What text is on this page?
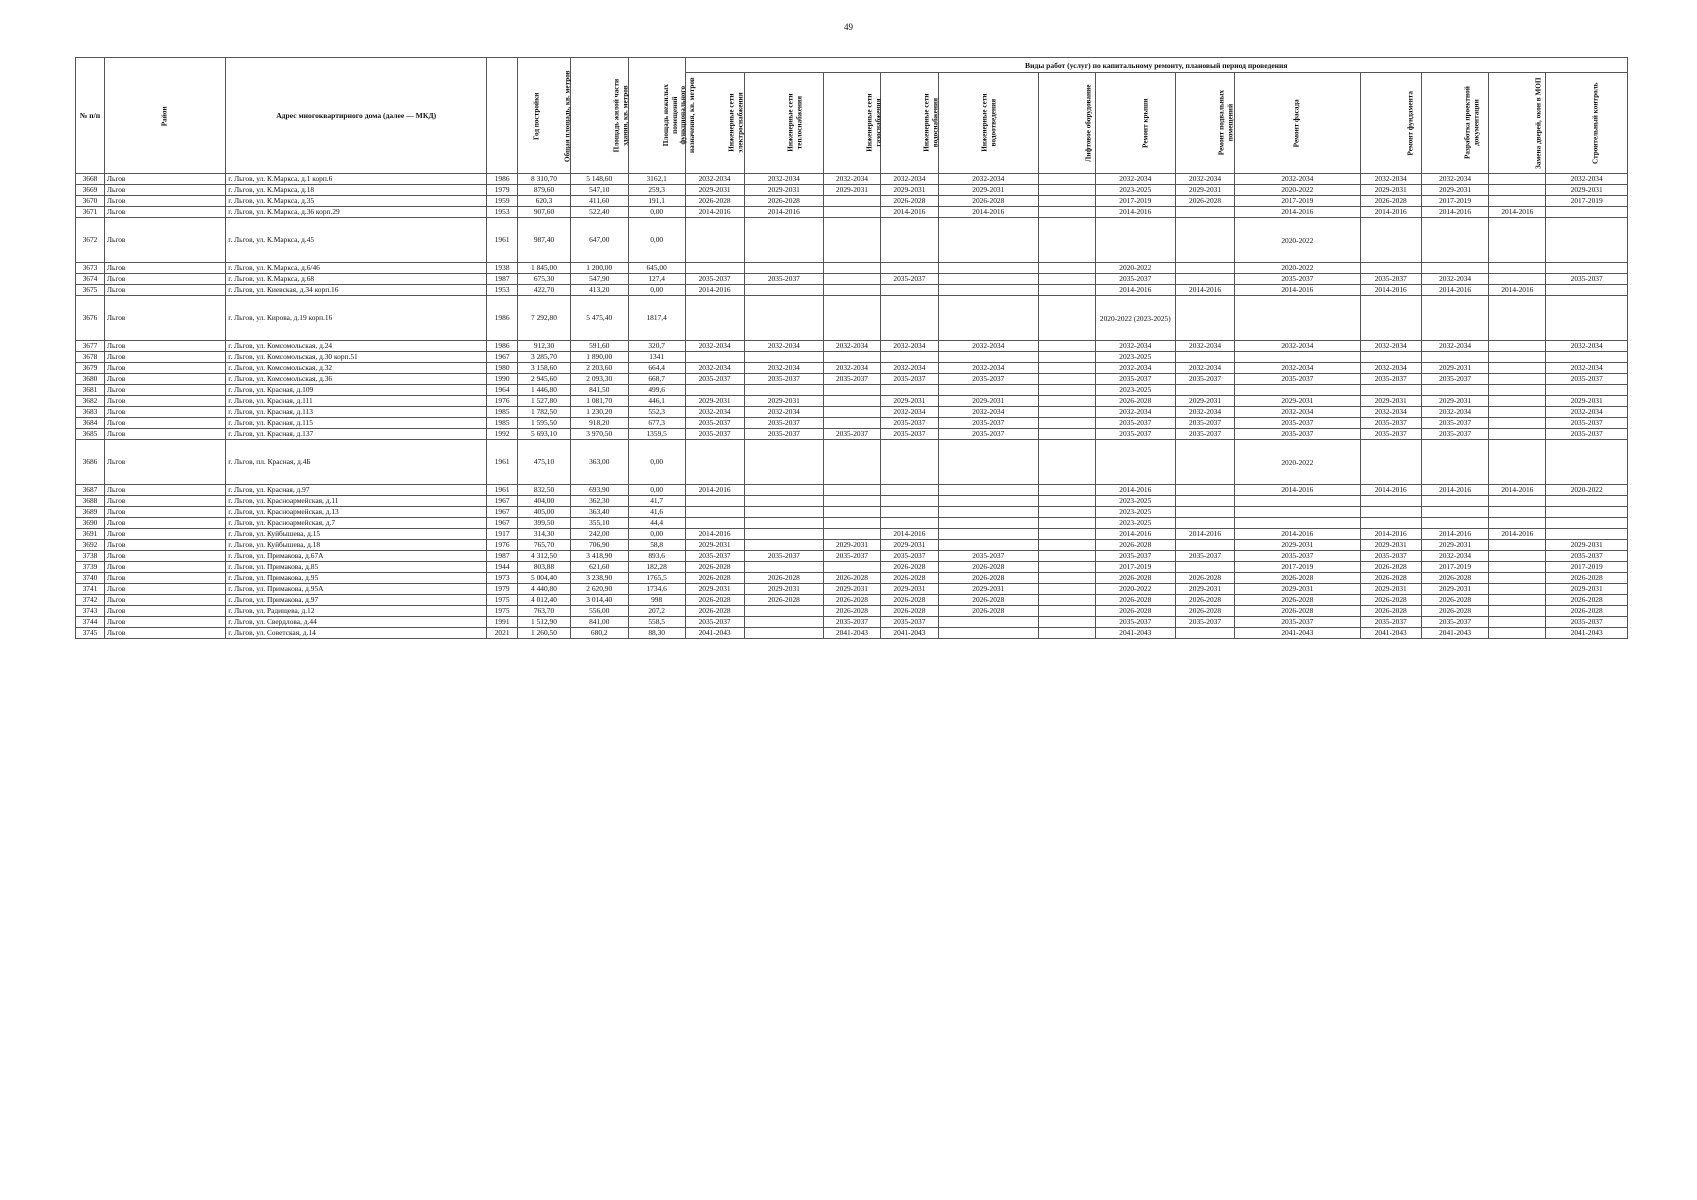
49
№ п/п	Район	Адрес многоквартирного дома (далее — МКД)	Год постройки	Общая площадь, кв. метров	Площадь жилой части здания, кв. метров	Площадь нежилых помещений функционального назначения, кв. метров	Виды работ (услуг) по капитальному ремонту, плановый период проведения												
							Инженерные сети электроснабжения	Инженерные сети теплоснабжения	Инженерные сети газоснабжения	Инженерные сети водоснабжения	Инженерные сети водоотведения	Лифтовое оборудование	Ремонт крыши	Ремонт подвальных помещений	Ремонт фасада	Ремонт фундамента	Разработка проектной документации	Замена дверей, окон в МОП	Строительный контроль
3668	Льгов	г. Льгов, ул. К.Маркса, д.1 корп.6	1986	8 310,70	5 148,60	3162,1	2032-2034	2032-2034	2032-2034	2032-2034	2032-2034		2032-2034	2032-2034	2032-2034	2032-2034	2032-2034		2032-2034
3669	Льгов	г. Льгов, ул. К.Маркса, д.18	1979	879,60	547,10	259,3	2029-2031	2029-2031	2029-2031	2029-2031	2029-2031		2023-2025	2029-2031	2020-2022	2029-2031	2029-2031		2029-2031
3670	Льгов	г. Льгов, ул. К.Маркса, д.35	1959	620,3	411,60	191,1	2026-2028	2026-2028		2026-2028	2026-2028		2017-2019	2026-2028	2017-2019	2026-2028	2017-2019		2017-2019
3671	Льгов	г. Льгов, ул. К.Маркса, д.36 корп.29	1953	907,60	522,40	0,00	2014-2016	2014-2016		2014-2016	2014-2016		2014-2016		2014-2016	2014-2016	2014-2016	2014-2016	
3672	Льгов	г. Льгов, ул. К.Маркса, д.45	1961	987,40	647,00	0,00									2020-2022				
3673	Льгов	г. Льгов, ул. К.Маркса, д.6/46	1938	1 845,00	1 200,00	645,00							2020-2022		2020-2022				
3674	Льгов	г. Льгов, ул. К.Маркса, д.68	1987	675,30	547,90	127,4	2035-2037	2035-2037		2035-2037			2035-2037		2035-2037	2035-2037	2032-2034		2035-2037
3675	Льгов	г. Льгов, ул. Киевская, д.34 корп.16	1953	422,70	413,20	0,00	2014-2016						2014-2016	2014-2016	2014-2016	2014-2016	2014-2016	2014-2016	
3676	Льгов	г. Льгов, ул. Кирова, д.19 корп.16	1986	7 292,80	5 475,40	1817,4							2020-2022 (2023-2025)						
3677	Льгов	г. Льгов, ул. Комсомольская, д.24	1986	912,30	591,60	320,7	2032-2034	2032-2034	2032-2034	2032-2034	2032-2034		2032-2034	2032-2034	2032-2034	2032-2034	2032-2034		2032-2034
3678	Льгов	г. Льгов, ул. Комсомольская, д.30 корп.51	1967	3 285,70	1 890,00	1341							2023-2025						
3679	Льгов	г. Льгов, ул. Комсомольская, д.32	1980	3 158,60	2 203,60	664,4	2032-2034	2032-2034	2032-2034	2032-2034	2032-2034		2032-2034	2032-2034	2032-2034	2032-2034	2029-2031		2032-2034
3680	Льгов	г. Льгов, ул. Комсомольская, д.36	1990	2 945,60	2 093,30	668,7	2035-2037	2035-2037	2035-2037	2035-2037	2035-2037		2035-2037	2035-2037	2035-2037	2035-2037	2035-2037		2035-2037
3681	Льгов	г. Льгов, ул. Красная, д.109	1964	1 446,80	841,50	499,6							2023-2025						
3682	Льгов	г. Льгов, ул. Красная, д.111	1976	1 527,80	1 081,70	446,1	2029-2031	2029-2031		2029-2031	2029-2031		2026-2028	2029-2031	2029-2031	2029-2031	2029-2031		2029-2031
3683	Льгов	г. Льгов, ул. Красная, д.113	1985	1 782,50	1 230,20	552,3	2032-2034	2032-2034		2032-2034	2032-2034		2032-2034	2032-2034	2032-2034	2032-2034	2032-2034		2032-2034
3684	Льгов	г. Льгов, ул. Красная, д.115	1985	1 595,50	918,20	677,3	2035-2037	2035-2037		2035-2037	2035-2037		2035-2037	2035-2037	2035-2037	2035-2037	2035-2037		2035-2037
3685	Льгов	г. Льгов, ул. Красная, д.137	1992	5 693,10	3 970,50	1359,5	2035-2037	2035-2037	2035-2037	2035-2037	2035-2037		2035-2037	2035-2037	2035-2037	2035-2037	2035-2037		2035-2037
3686	Льгов	г. Льгов, пл. Красная, д.4Б	1961	475,10	363,00	0,00									2020-2022				
3687	Льгов	г. Льгов, ул. Красная, д.97	1961	832,50	693,90	0,00	2014-2016						2014-2016		2014-2016	2014-2016	2014-2016	2014-2016	2020-2022
3688	Льгов	г. Льгов, ул. Красноармейская, д.11	1967	404,00	362,30	41,7							2023-2025						
3689	Льгов	г. Льгов, ул. Красноармейская, д.13	1967	405,00	363,40	41,6							2023-2025						
3690	Льгов	г. Льгов, ул. Красноармейская, д.7	1967	399,50	355,10	44,4							2023-2025						
3691	Льгов	г. Льгов, ул. Куйбышева, д.15	1917	314,30	242,00	0,00	2014-2016			2014-2016			2014-2016	2014-2016	2014-2016	2014-2016	2014-2016	2014-2016	
3692	Льгов	г. Льгов, ул. Куйбышева, д.18	1976	765,70	706,90	58,8	2029-2031		2029-2031	2029-2031			2026-2028		2029-2031	2029-2031	2029-2031		2029-2031
3738	Льгов	г. Льгов, ул. Примакова, д.67А	1987	4 312,50	3 418,90	893,6	2035-2037	2035-2037	2035-2037	2035-2037	2035-2037		2035-2037	2035-2037	2035-2037	2035-2037	2032-2034		2035-2037
3739	Льгов	г. Льгов, ул. Примакова, д.85	1944	803,88	621,60	182,28	2026-2028			2026-2028	2026-2028		2017-2019		2017-2019	2026-2028	2017-2019		2017-2019
3740	Льгов	г. Льгов, ул. Примакова, д.95	1973	5 004,40	3 238,90	1765,5	2026-2028	2026-2028	2026-2028	2026-2028	2026-2028		2026-2028	2026-2028	2026-2028	2026-2028	2026-2028		2026-2028
3741	Льгов	г. Льгов, ул. Примакова, д.95А	1979	4 440,80	2 620,90	1734,6	2029-2031	2029-2031	2029-2031	2029-2031	2029-2031		2020-2022	2029-2031	2029-2031	2029-2031	2029-2031		2029-2031
3742	Льгов	г. Льгов, ул. Примакова, д.97	1975	4 012,40	3 014,40	998	2026-2028	2026-2028	2026-2028	2026-2028	2026-2028		2026-2028	2026-2028	2026-2028	2026-2028	2026-2028		2026-2028
3743	Льгов	г. Льгов, ул. Радищева, д.12	1975	763,70	556,00	207,2	2026-2028		2026-2028	2026-2028	2026-2028		2026-2028	2026-2028	2026-2028	2026-2028	2026-2028		2026-2028
3744	Льгов	г. Льгов, ул. Свердлова, д.44	1991	1 512,90	841,00	558,5	2035-2037		2035-2037	2035-2037			2035-2037	2035-2037	2035-2037	2035-2037	2035-2037		2035-2037
3745	Льгов	г. Льгов, ул. Советская, д.14	2021	1 260,50	680,2	88,30	2041-2043		2041-2043	2041-2043			2041-2043		2041-2043	2041-2043	2041-2043		2041-2043
